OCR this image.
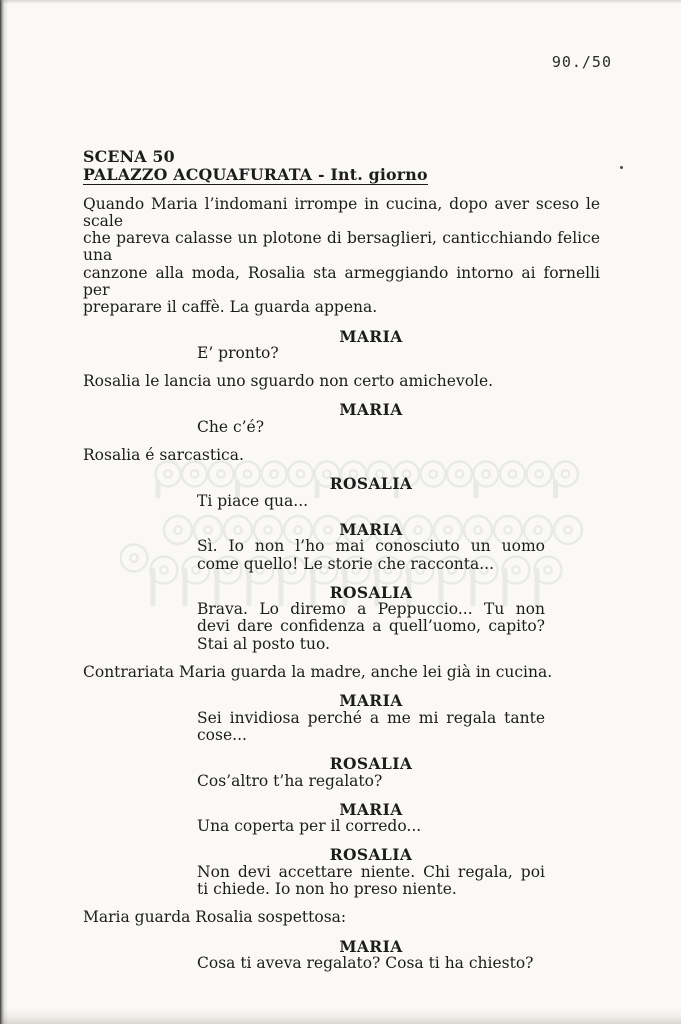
90./50
SCENA 50
PALAZZO ACQUAFURATA - Int. giorno
Quando Maria l’indomani irrompe in cucina, dopo aver sceso le scale
che pareva calasse un plotone di bersaglieri, canticchiando felice una
canzone alla moda, Rosalia sta armeggiando intorno ai fornelli per
preparare il caffè. La guarda appena.
MARIA
E’ pronto?
Rosalia le lancia uno sguardo non certo amichevole.
MARIA
Che c’é?
Rosalia é sarcastica.
ROSALIA
Ti piace qua...
MARIA
Sì. Io non l’ho mai conosciuto un uomo
come quello! Le storie che racconta...
ROSALIA
Brava. Lo diremo a Peppuccio... Tu non
devi dare confidenza a quell’uomo, capito?
Stai al posto tuo.
Contrariata Maria guarda la madre, anche lei già in cucina.
MARIA
Sei invidiosa perché a me mi regala tante
cose...
ROSALIA
Cos’altro t’ha regalato?
MARIA
Una coperta per il corredo...
ROSALIA
Non devi accettare niente. Chi regala, poi
ti chiede. Io non ho preso niente.
Maria guarda Rosalia sospettosa:
MARIA
Cosa ti aveva regalato? Cosa ti ha chiesto?
